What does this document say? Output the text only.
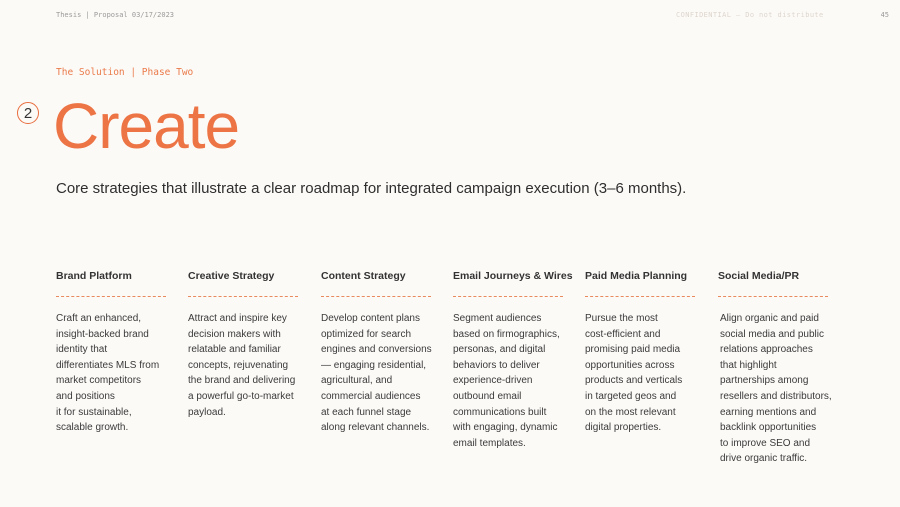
Thesis | Proposal 03/17/2023	CONFIDENTIAL – Do not distribute	45
The Solution | Phase Two
2 Create
Core strategies that illustrate a clear roadmap for integrated campaign execution (3–6 months).
Brand Platform

Craft an enhanced,
insight-backed brand
identity that
differentiates MLS from
market competitors
and positions
it for sustainable,
scalable growth.

Creative Strategy

Attract and inspire key
decision makers with
relatable and familiar
concepts, rejuvenating
the brand and delivering
a powerful go-to-market
payload.

Content Strategy

Develop content plans
optimized for search
engines and conversions
— engaging residential,
agricultural, and
commercial audiences
at each funnel stage
along relevant channels.

Email Journeys & Wires

Segment audiences
based on firmographics,
personas, and digital
behaviors to deliver
experience-driven
outbound email
communications built
with engaging, dynamic
email templates.

Paid Media Planning

Pursue the most
cost-efficient and
promising paid media
opportunities across
products and verticals
in targeted geos and
on the most relevant
digital properties.

Social Media/PR

Align organic and paid
social media and public
relations approaches
that highlight
partnerships among
resellers and distributors,
earning mentions and
backlink opportunities
to improve SEO and
drive organic traffic.
